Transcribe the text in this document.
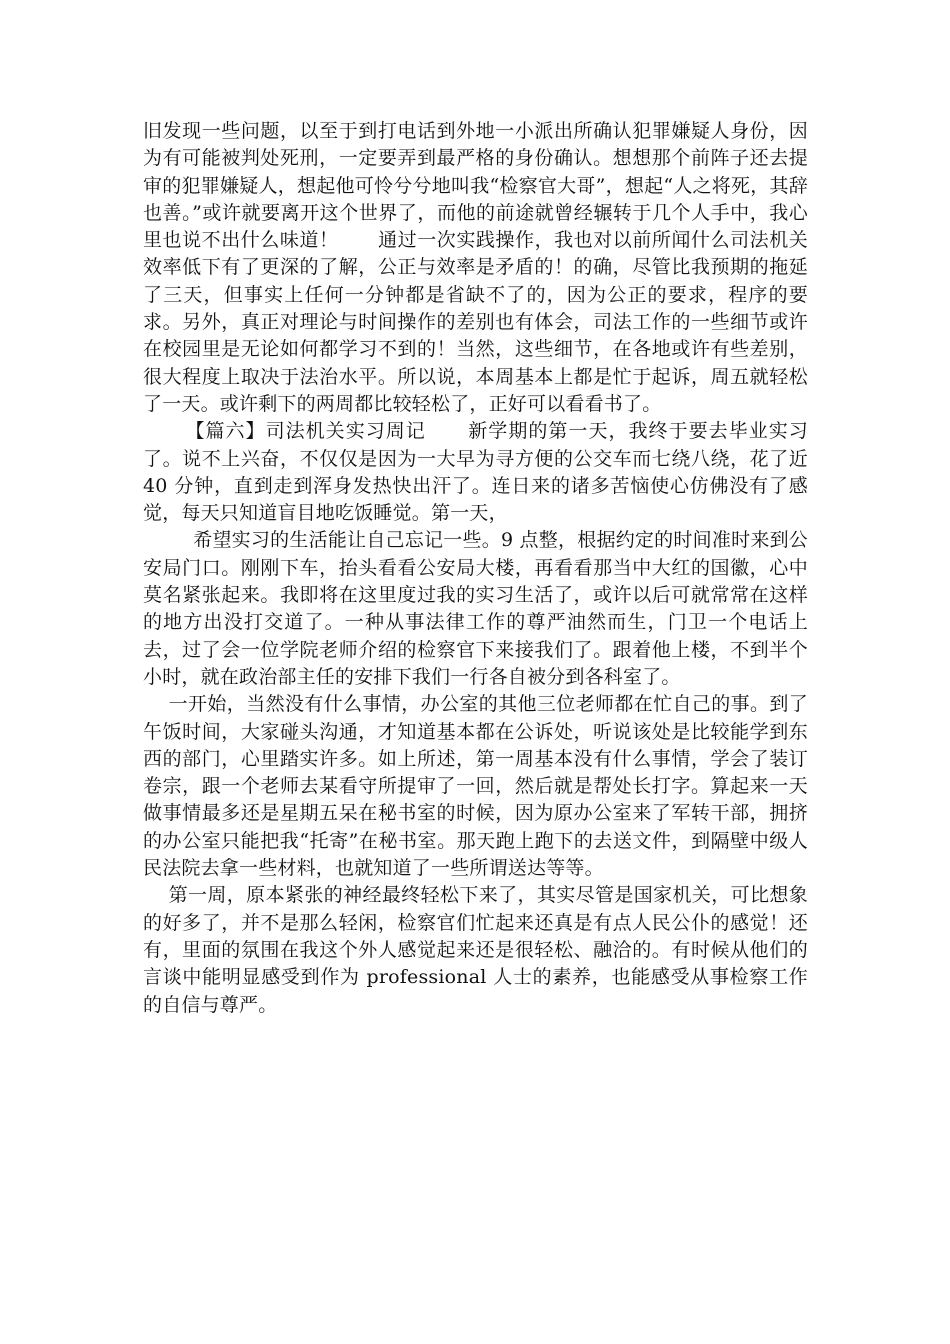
旧发现一些问题，以至于到打电话到外地一小派出所确认犯罪嫌疑人身份，因为有可能被判处死刑，一定要弄到最严格的身份确认。想想那个前阵子还去提审的犯罪嫌疑人，想起他可怜兮兮地叫我“检察官大哥”，想起“人之将死，其辞也善。”或许就要离开这个世界了，而他的前途就曾经辗转于几个人手中，我心里也说不出什么味道！      通过一次实践操作，我也对以前所闻什么司法机关效率低下有了更深的了解，公正与效率是矛盾的！的确，尽管比我预期的拖延了三天，但事实上任何一分钟都是省缺不了的，因为公正的要求，程序的要求。另外，真正对理论与时间操作的差别也有体会，司法工作的一些细节或许在校园里是无论如何都学习不到的！当然，这些细节，在各地或许有些差别，很大程度上取决于法治水平。所以说，本周基本上都是忙于起诉，周五就轻松了一天。或许剩下的两周都比较轻松了，正好可以看看书了。

【篇六】司法机关实习周记      新学期的第一天，我终于要去毕业实习了。说不上兴奋，不仅仅是因为一大早为寻方便的公交车而七绕八绕，花了近 40 分钟，直到走到浑身发热快出汗了。连日来的诸多苦恼使心仿佛没有了感觉，每天只知道盲目地吃饭睡觉。第一天，

希望实习的生活能让自己忘记一些。9 点整，根据约定的时间准时来到公安局门口。刚刚下车，抬头看看公安局大楼，再看看那当中大红的国徽，心中莫名紧张起来。我即将在这里度过我的实习生活了，或许以后可就常常在这样的地方出没打交道了。一种从事法律工作的尊严油然而生，门卫一个电话上去，过了会一位学院老师介绍的检察官下来接我们了。跟着他上楼，不到半个小时，就在政治部主任的安排下我们一行各自被分到各科室了。

一开始，当然没有什么事情，办公室的其他三位老师都在忙自己的事。到了午饭时间，大家碰头沟通，才知道基本都在公诉处，听说该处是比较能学到东西的部门，心里踏实许多。如上所述，第一周基本没有什么事情，学会了装订卷宗，跟一个老师去某看守所提审了一回，然后就是帮处长打字。算起来一天做事情最多还是星期五呆在秘书室的时候，因为原办公室来了军转干部，拥挤的办公室只能把我“托寄”在秘书室。那天跑上跑下的去送文件，到隔壁中级人民法院去拿一些材料，也就知道了一些所谓送达等等。

第一周，原本紧张的神经最终轻松下来了，其实尽管是国家机关，可比想象的好多了，并不是那么轻闲，检察官们忙起来还真是有点人民公仆的感觉！还有，里面的氛围在我这个外人感觉起来还是很轻松、融洽的。有时候从他们的言谈中能明显感受到作为 professional 人士的素养，也能感受从事检察工作的自信与尊严。
